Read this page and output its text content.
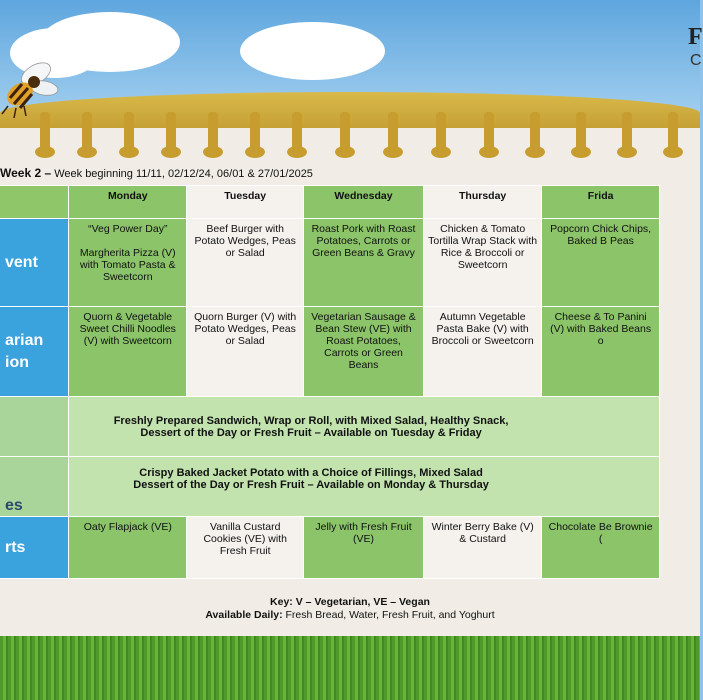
F
C
Week 2 – Week beginning 11/11, 02/12/24, 06/01 & 27/01/2025
	Monday	Tuesday	Wednesday	Thursday	Frida
vent	“Veg Power Day”

Margherita Pizza (V) with Tomato Pasta & Sweetcorn	Beef Burger with Potato Wedges, Peas or Salad	Roast Pork with Roast Potatoes, Carrots or Green Beans & Gravy	Chicken & Tomato Tortilla Wrap Stack with Rice & Broccoli or Sweetcorn	Popcorn Chick Chips, Baked B Peas
arian
ion	Quorn & Vegetable Sweet Chilli Noodles (V) with Sweetcorn	Quorn Burger (V) with Potato Wedges, Peas or Salad	Vegetarian Sausage & Bean Stew (VE) with Roast Potatoes, Carrots or Green Beans	Autumn Vegetable Pasta Bake (V) with Broccoli or Sweetcorn	Cheese & To Panini (V) with Baked Beans o
	Freshly Prepared Sandwich, Wrap or Roll, with Mixed Salad, Healthy Snack,
Dessert of the Day or Fresh Fruit – Available on Tuesday & Friday				
es	Crispy Baked Jacket Potato with a Choice of Fillings, Mixed Salad
Dessert of the Day or Fresh Fruit – Available on Monday & Thursday				
rts	Oaty Flapjack (VE)	Vanilla Custard Cookies (VE) with Fresh Fruit	Jelly with Fresh Fruit (VE)	Winter Berry Bake (V) & Custard	Chocolate Be Brownie (
Key: V – Vegetarian, VE – Vegan
Available Daily: Fresh Bread, Water, Fresh Fruit, and Yoghurt
